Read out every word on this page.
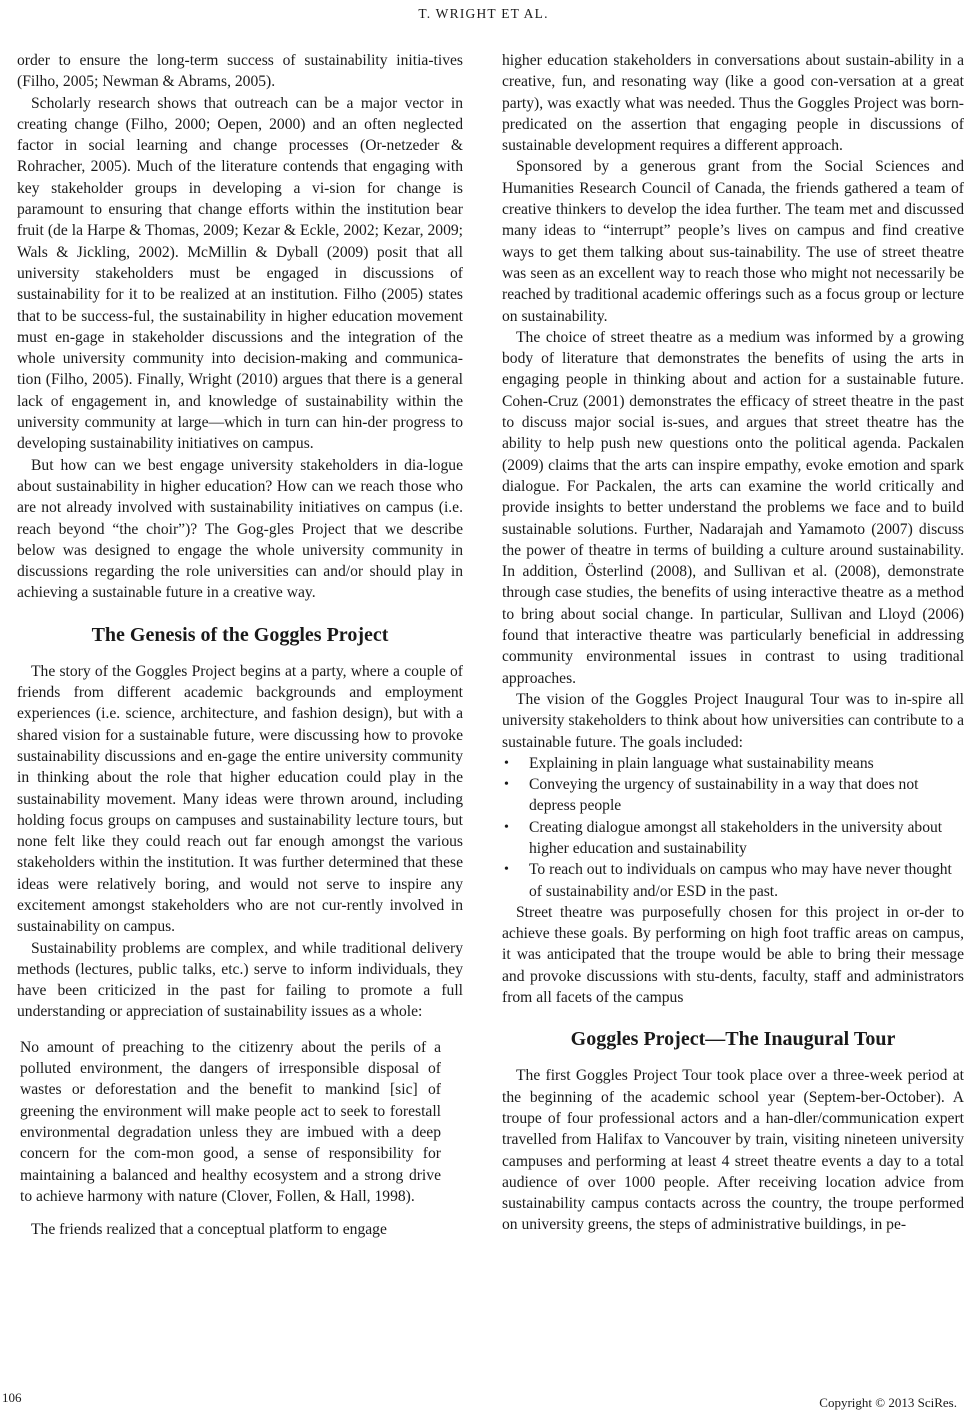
T. WRIGHT ET AL.

order to ensure the long-term success of sustainability initia-tives (Filho, 2005; Newman & Abrams, 2005).

Scholarly research shows that outreach can be a major vector in creating change (Filho, 2000; Oepen, 2000) and an often neglected factor in social learning and change processes (Or-netzeder & Rohracher, 2005). Much of the literature contends that engaging with key stakeholder groups in developing a vi-sion for change is paramount to ensuring that change efforts within the institution bear fruit (de la Harpe & Thomas, 2009; Kezar & Eckle, 2002; Kezar, 2009; Wals & Jickling, 2002). McMillin & Dyball (2009) posit that all university stakeholders must be engaged in discussions of sustainability for it to be realized at an institution. Filho (2005) states that to be success-ful, the sustainability in higher education movement must en-gage in stakeholder discussions and the integration of the whole university community into decision-making and communica-tion (Filho, 2005). Finally, Wright (2010) argues that there is a general lack of engagement in, and knowledge of sustainability within the university community at large—which in turn can hin-der progress to developing sustainability initiatives on campus.

But how can we best engage university stakeholders in dia-logue about sustainability in higher education? How can we reach those who are not already involved with sustainability initiatives on campus (i.e. reach beyond “the choir”)? The Gog-gles Project that we describe below was designed to engage the whole university community in discussions regarding the role universities can and/or should play in achieving a sustainable future in a creative way.

The Genesis of the Goggles Project

The story of the Goggles Project begins at a party, where a couple of friends from different academic backgrounds and employment experiences (i.e. science, architecture, and fashion design), but with a shared vision for a sustainable future, were discussing how to provoke sustainability discussions and en-gage the entire university community in thinking about the role that higher education could play in the sustainability movement. Many ideas were thrown around, including holding focus groups on campuses and sustainability lecture tours, but none felt like they could reach out far enough amongst the various stakeholders within the institution. It was further determined that these ideas were relatively boring, and would not serve to inspire any excitement amongst stakeholders who are not cur-rently involved in sustainability on campus.

Sustainability problems are complex, and while traditional delivery methods (lectures, public talks, etc.) serve to inform individuals, they have been criticized in the past for failing to promote a full understanding or appreciation of sustainability issues as a whole:

No amount of preaching to the citizenry about the perils of a polluted environment, the dangers of irresponsible disposal of wastes or deforestation and the benefit to mankind [sic] of greening the environment will make people act to seek to forestall environmental degradation unless they are imbued with a deep concern for the com-mon good, a sense of responsibility for maintaining a balanced and healthy ecosystem and a strong drive to achieve harmony with nature (Clover, Follen, & Hall, 1998).

The friends realized that a conceptual platform to engage

higher education stakeholders in conversations about sustain-ability in a creative, fun, and resonating way (like a good con-versation at a great party), was exactly what was needed. Thus the Goggles Project was born-predicated on the assertion that engaging people in discussions of sustainable development requires a different approach.

Sponsored by a generous grant from the Social Sciences and Humanities Research Council of Canada, the friends gathered a team of creative thinkers to develop the idea further. The team met and discussed many ideas to “interrupt” people’s lives on campus and find creative ways to get them talking about sus-tainability. The use of street theatre was seen as an excellent way to reach those who might not necessarily be reached by traditional academic offerings such as a focus group or lecture on sustainability.

The choice of street theatre as a medium was informed by a growing body of literature that demonstrates the benefits of using the arts in engaging people in thinking about and action for a sustainable future. Cohen-Cruz (2001) demonstrates the efficacy of street theatre in the past to discuss major social is-sues, and argues that street theatre has the ability to help push new questions onto the political agenda. Packalen (2009) claims that the arts can inspire empathy, evoke emotion and spark dialogue. For Packalen, the arts can examine the world critically and provide insights to better understand the problems we face and to build sustainable solutions. Further, Nadarajah and Yamamoto (2007) discuss the power of theatre in terms of building a culture around sustainability. In addition, Österlind (2008), and Sullivan et al. (2008), demonstrate through case studies, the benefits of using interactive theatre as a method to bring about social change. In particular, Sullivan and Lloyd (2006) found that interactive theatre was particularly beneficial in addressing community environmental issues in contrast to using traditional approaches.

The vision of the Goggles Project Inaugural Tour was to in-spire all university stakeholders to think about how universities can contribute to a sustainable future. The goals included:

• Explaining in plain language what sustainability means
• Conveying the urgency of sustainability in a way that does not depress people
• Creating dialogue amongst all stakeholders in the university about higher education and sustainability
• To reach out to individuals on campus who may have never thought of sustainability and/or ESD in the past.

Street theatre was purposefully chosen for this project in or-der to achieve these goals. By performing on high foot traffic areas on campus, it was anticipated that the troupe would be able to bring their message and provoke discussions with stu-dents, faculty, staff and administrators from all facets of the campus

Goggles Project—The Inaugural Tour

The first Goggles Project Tour took place over a three-week period at the beginning of the academic school year (Septem-ber-October). A troupe of four professional actors and a han-dler/communication expert travelled from Halifax to Vancouver by train, visiting nineteen university campuses and performing at least 4 street theatre events a day to a total audience of over 1000 people. After receiving location advice from sustainability campus contacts across the country, the troupe performed on university greens, the steps of administrative buildings, in pe-

106	Copyright © 2013 SciRes.
